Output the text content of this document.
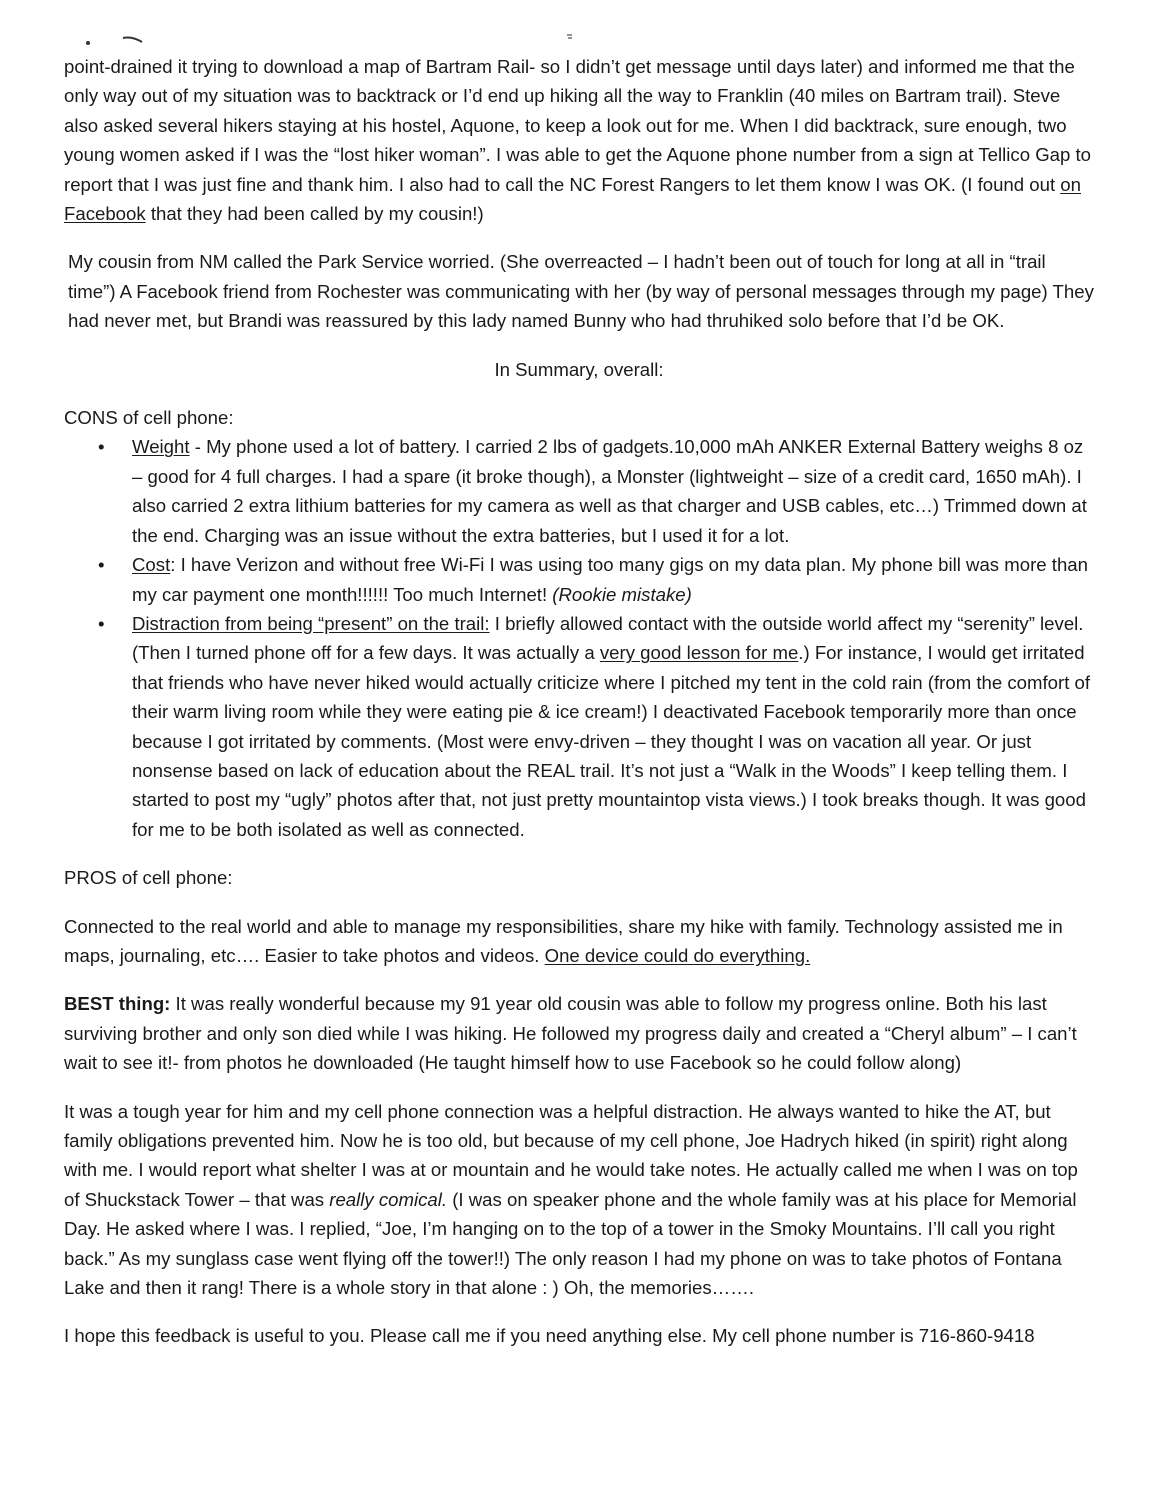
point-drained it trying to download a map of Bartram Rail- so I didn’t get message until days later) and informed me that the only way out of my situation was to backtrack or I’d end up hiking all the way to Franklin (40 miles on Bartram trail). Steve also asked several hikers staying at his hostel, Aquone, to keep a look out for me. When I did backtrack, sure enough, two young women asked if I was the “lost hiker woman”. I was able to get the Aquone phone number from a sign at Tellico Gap to report that I was just fine and thank him. I also had to call the NC Forest Rangers to let them know I was OK. (I found out on Facebook that they had been called by my cousin!)

My cousin from NM called the Park Service worried. (She overreacted – I hadn’t been out of touch for long at all in “trail time”) A Facebook friend from Rochester was communicating with her (by way of personal messages through my page) They had never met, but Brandi was reassured by this lady named Bunny who had thruhiked solo before that I’d be OK.

In Summary, overall:

CONS of cell phone:

• Weight - My phone used a lot of battery. I carried 2 lbs of gadgets.10,000 mAh ANKER External Battery weighs 8 oz – good for 4 full charges. I had a spare (it broke though), a Monster (lightweight – size of a credit card, 1650 mAh). I also carried 2 extra lithium batteries for my camera as well as that charger and USB cables, etc…) Trimmed down at the end. Charging was an issue without the extra batteries, but I used it for a lot.
• Cost: I have Verizon and without free Wi-Fi I was using too many gigs on my data plan. My phone bill was more than my car payment one month!!!!!! Too much Internet! (Rookie mistake)
• Distraction from being “present” on the trail: I briefly allowed contact with the outside world affect my “serenity” level. (Then I turned phone off for a few days. It was actually a very good lesson for me.) For instance, I would get irritated that friends who have never hiked would actually criticize where I pitched my tent in the cold rain (from the comfort of their warm living room while they were eating pie & ice cream!) I deactivated Facebook temporarily more than once because I got irritated by comments. (Most were envy-driven – they thought I was on vacation all year. Or just nonsense based on lack of education about the REAL trail. It’s not just a “Walk in the Woods” I keep telling them. I started to post my “ugly” photos after that, not just pretty mountaintop vista views.) I took breaks though. It was good for me to be both isolated as well as connected.

PROS of cell phone:

Connected to the real world and able to manage my responsibilities, share my hike with family. Technology assisted me in maps, journaling, etc…. Easier to take photos and videos. One device could do everything.

BEST thing: It was really wonderful because my 91 year old cousin was able to follow my progress online. Both his last surviving brother and only son died while I was hiking. He followed my progress daily and created a “Cheryl album” – I can’t wait to see it!- from photos he downloaded (He taught himself how to use Facebook so he could follow along)

It was a tough year for him and my cell phone connection was a helpful distraction. He always wanted to hike the AT, but family obligations prevented him. Now he is too old, but because of my cell phone, Joe Hadrych hiked (in spirit) right along with me. I would report what shelter I was at or mountain and he would take notes. He actually called me when I was on top of Shuckstack Tower – that was really comical. (I was on speaker phone and the whole family was at his place for Memorial Day. He asked where I was. I replied, “Joe, I’m hanging on to the top of a tower in the Smoky Mountains. I’ll call you right back.” As my sunglass case went flying off the tower!!) The only reason I had my phone on was to take photos of Fontana Lake and then it rang! There is a whole story in that alone : ) Oh, the memories…….

I hope this feedback is useful to you. Please call me if you need anything else. My cell phone number is 716-860-9418
